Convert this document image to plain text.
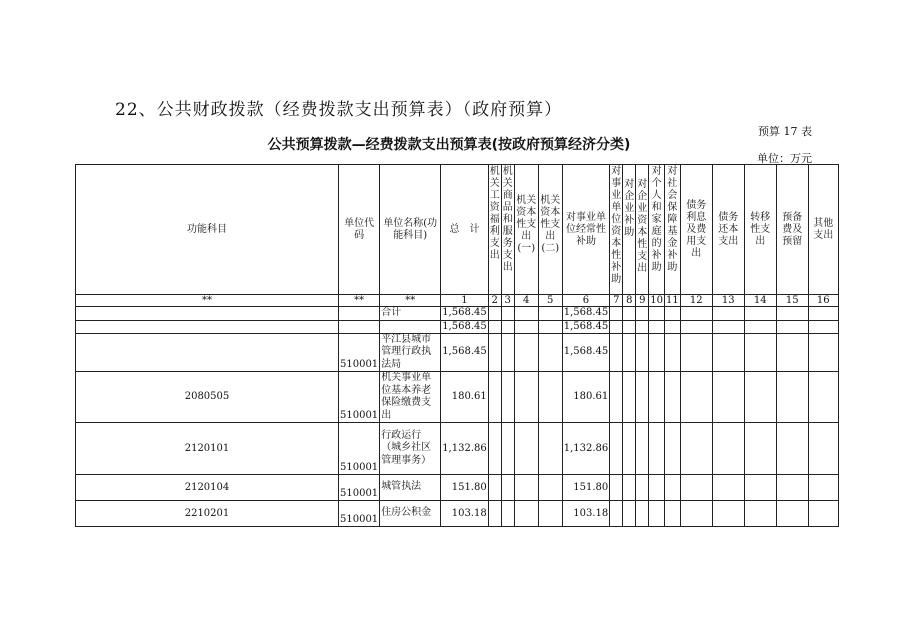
22、公共财政拨款（经费拨款支出预算表）（政府预算）
预算 17 表
公共预算拨款—经费拨款支出预算表(按政府预算经济分类)
单位：万元
功能科目	单位代码	单位名称(功能科目)	总　计	机关工资福利支出	机关商品和服务支出	机关资本性支出(一)	机关资本性支出(二)	对事业单位经常性补助	对事业单位资本性补助	对企业补助	对企业资本性支出	对个人和家庭的补助	对社会保障基金补助	债务利息及费用支出	债务还本支出	转移性支出	预备费及预留	其他支出
**	**	**	1	2	3	4	5	6	7	8	9	10	11	12	13	14	15	16
		合计	1,568.45					1,568.45										
			1,568.45					1,568.45										
	510001	平江县城市管理行政执法局	1,568.45					1,568.45										
2080505	510001	机关事业单位基本养老保险缴费支出	180.61					180.61										
2120101	510001	行政运行（城乡社区管理事务）	1,132.86					1,132.86										
2120104	510001	城管执法	151.80					151.80										
2210201	510001	住房公积金	103.18					103.18										
